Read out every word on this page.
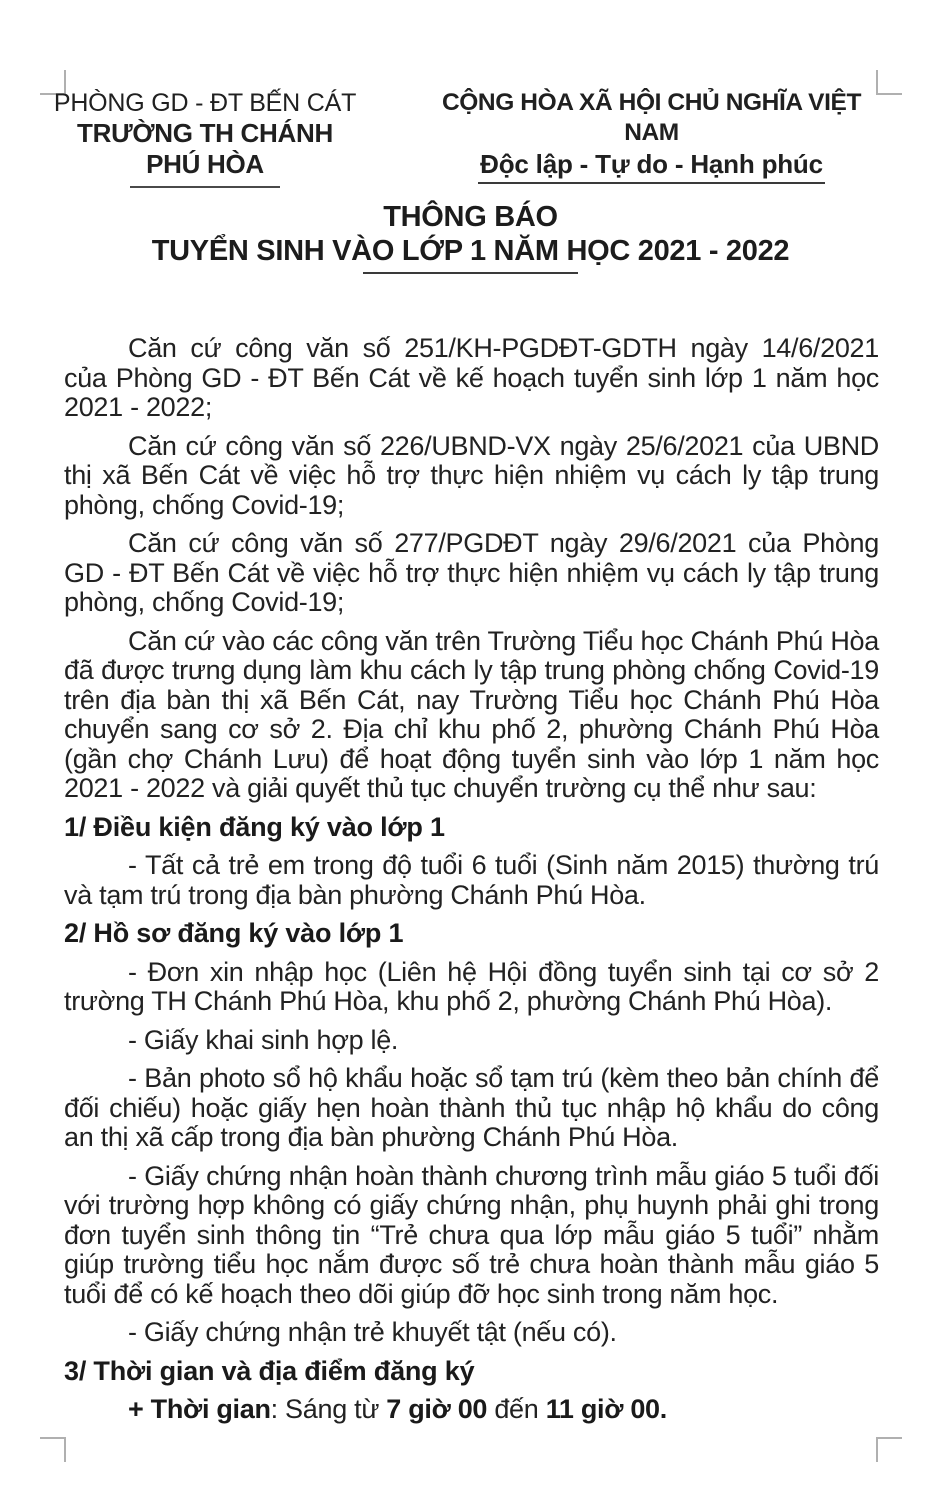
PHÒNG GD - ĐT BẾN CÁT
TRƯỜNG TH CHÁNH PHÚ HÒA
CỘNG HÒA XÃ HỘI CHỦ NGHĨA VIỆT NAM
Độc lập - Tự do - Hạnh phúc
THÔNG BÁO
TUYỂN SINH VÀO LỚP 1 NĂM HỌC 2021 - 2022

Căn cứ công văn số 251/KH-PGDĐT-GDTH ngày 14/6/2021 của Phòng GD - ĐT Bến Cát về kế hoạch tuyển sinh lớp 1 năm học 2021 - 2022;

Căn cứ công văn số 226/UBND-VX ngày 25/6/2021 của UBND thị xã Bến Cát về việc hỗ trợ thực hiện nhiệm vụ cách ly tập trung phòng, chống Covid-19;

Căn cứ công văn số 277/PGDĐT ngày 29/6/2021 của Phòng GD - ĐT Bến Cát về việc hỗ trợ thực hiện nhiệm vụ cách ly tập trung phòng, chống Covid-19;

Căn cứ vào các công văn trên Trường Tiểu học Chánh Phú Hòa đã được trưng dụng làm khu cách ly tập trung phòng chống Covid-19 trên địa bàn thị xã Bến Cát, nay Trường Tiểu học Chánh Phú Hòa chuyển sang cơ sở 2. Địa chỉ khu phố 2, phường Chánh Phú Hòa (gần chợ Chánh Lưu) để hoạt động tuyển sinh vào lớp 1 năm học 2021 - 2022 và giải quyết thủ tục chuyển trường cụ thể như sau:

1/ Điều kiện đăng ký vào lớp 1

- Tất cả trẻ em trong độ tuổi 6 tuổi (Sinh năm 2015) thường trú và tạm trú trong địa bàn phường Chánh Phú Hòa.

2/ Hồ sơ đăng ký vào lớp 1

- Đơn xin nhập học (Liên hệ Hội đồng tuyển sinh tại cơ sở 2 trường TH Chánh Phú Hòa, khu phố 2, phường Chánh Phú Hòa).

- Giấy khai sinh hợp lệ.

- Bản photo sổ hộ khẩu hoặc sổ tạm trú (kèm theo bản chính để đối chiếu) hoặc giấy hẹn hoàn thành thủ tục nhập hộ khẩu do công an thị xã cấp trong địa bàn phường Chánh Phú Hòa.

- Giấy chứng nhận hoàn thành chương trình mẫu giáo 5 tuổi đối với trường hợp không có giấy chứng nhận, phụ huynh phải ghi trong đơn tuyển sinh thông tin “Trẻ chưa qua lớp mẫu giáo 5 tuổi” nhằm giúp trường tiểu học nắm được số trẻ chưa hoàn thành mẫu giáo 5 tuổi để có kế hoạch theo dõi giúp đỡ học sinh trong năm học.

- Giấy chứng nhận trẻ khuyết tật (nếu có).

3/ Thời gian và địa điểm đăng ký

+ Thời gian: Sáng từ 7 giờ 00 đến 11 giờ 00.
